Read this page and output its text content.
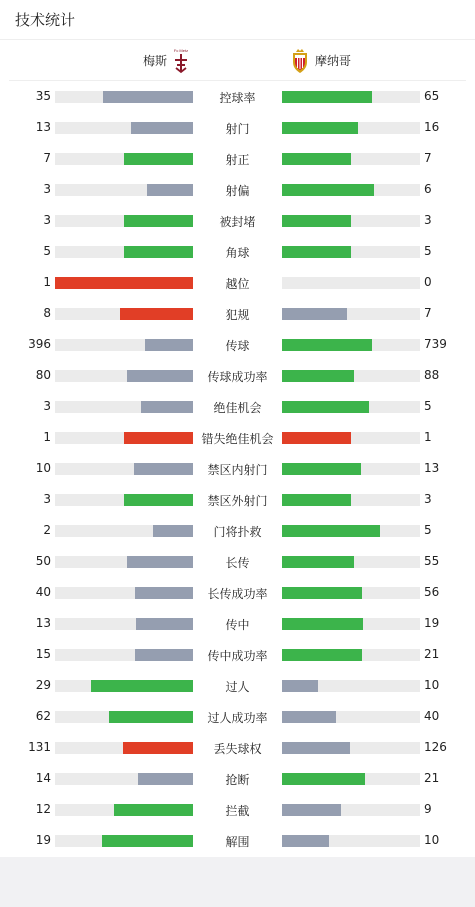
技术统计
梅斯
Fc Metz
摩纳哥
35	控球率	65
13	射门	16
7	射正	7
3	射偏	6
3	被封堵	3
5	角球	5
1	越位	0
8	犯规	7
396	传球	739
80	传球成功率	88
3	绝佳机会	5
1	错失绝佳机会	1
10	禁区内射门	13
3	禁区外射门	3
2	门将扑救	5
50	长传	55
40	长传成功率	56
13	传中	19
15	传中成功率	21
29	过人	10
62	过人成功率	40
131	丢失球权	126
14	抢断	21
12	拦截	9
19	解围	10
